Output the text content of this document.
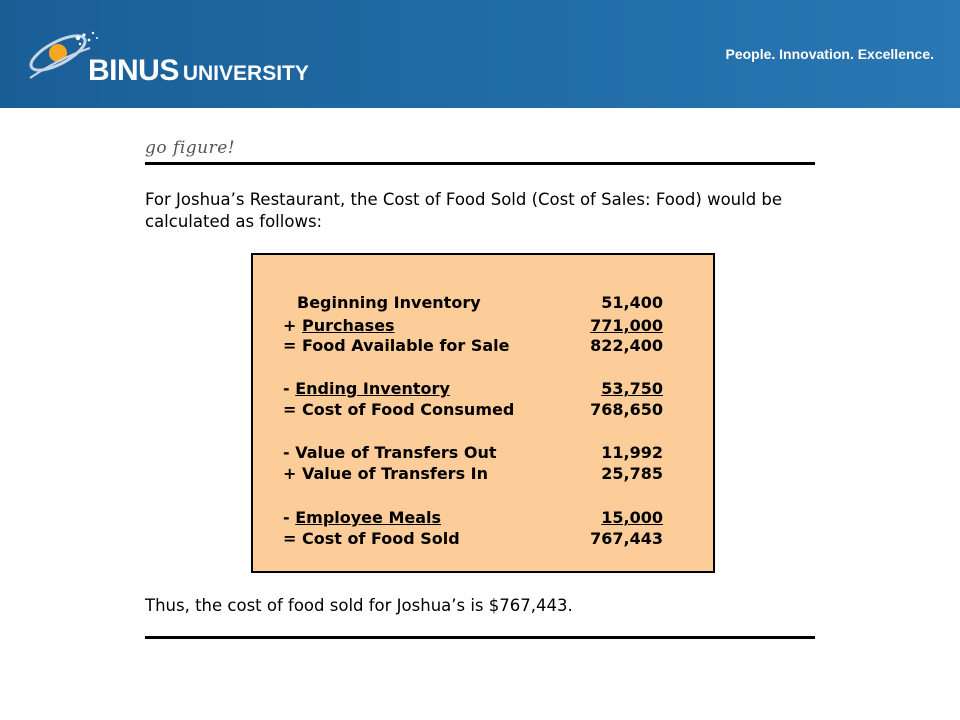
BINUS UNIVERSITY
People. Innovation. Excellence.
go figure!
For Joshua’s Restaurant, the Cost of Food Sold (Cost of Sales: Food) would be calculated as follows:
Beginning Inventory	51,400
+ Purchases	771,000
= Food Available for Sale	822,400
- Ending Inventory	53,750
= Cost of Food Consumed	768,650
- Value of Transfers Out	11,992
+ Value of Transfers In	25,785
- Employee Meals	15,000
= Cost of Food Sold	767,443
Thus, the cost of food sold for Joshua’s is $767,443.
